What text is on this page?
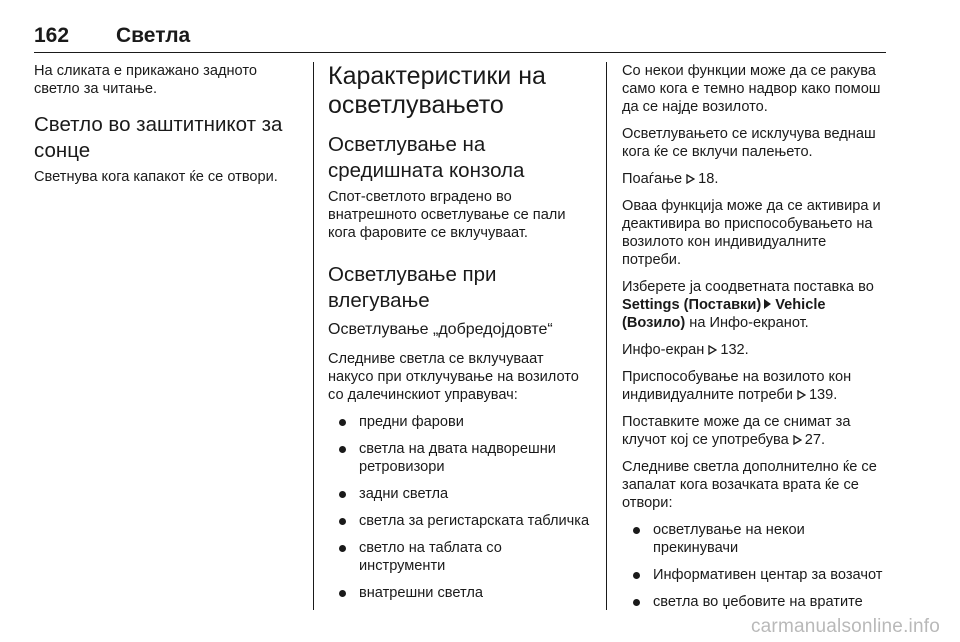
162 Светла

На сликата е прикажано задното светло за читање.

Светло во заштитникот за сонце

Светнува кога капакот ќе се отвори.

Карактеристики на осветлувањето
Осветлување на средишната конзола

Спот-светлото вградено во внатрешното осветлување се пали кога фаровите се вклучуваат.

Осветлување при влегување
Осветлување „добредојдовте“

Следниве светла се вклучуваат накусо при отклучување на возилото со далечинскиот управувач:

предни фарови
светла на двата надворешни ретровизори
задни светла
светла за регистарската табличка
светло на таблата со инструменти
внатрешни светла

Со некои функции може да се ракува само кога е темно надвор како помош да се најде возилото.

Осветлувањето се исклучува веднаш кога ќе се вклучи палењето.

Поаѓање 18.

Оваа функција може да се активира и деактивира во приспособувањето на возилото кон индивидуалните потреби.

Изберете ја соодветната поставка во Settings (Поставки) Vehicle (Возило) на Инфо-екранот.

Инфо-екран 132.

Приспособување на возилото кон индивидуалните потреби 139.

Поставките може да се снимат за клучот кој се употребува 27.

Следниве светла дополнително ќе се запалат кога возачката врата ќе се отвори:

осветлување на некои прекинувачи
Информативен центар за возачот
светла во џебовите на вратите
carmanualsonline.info
